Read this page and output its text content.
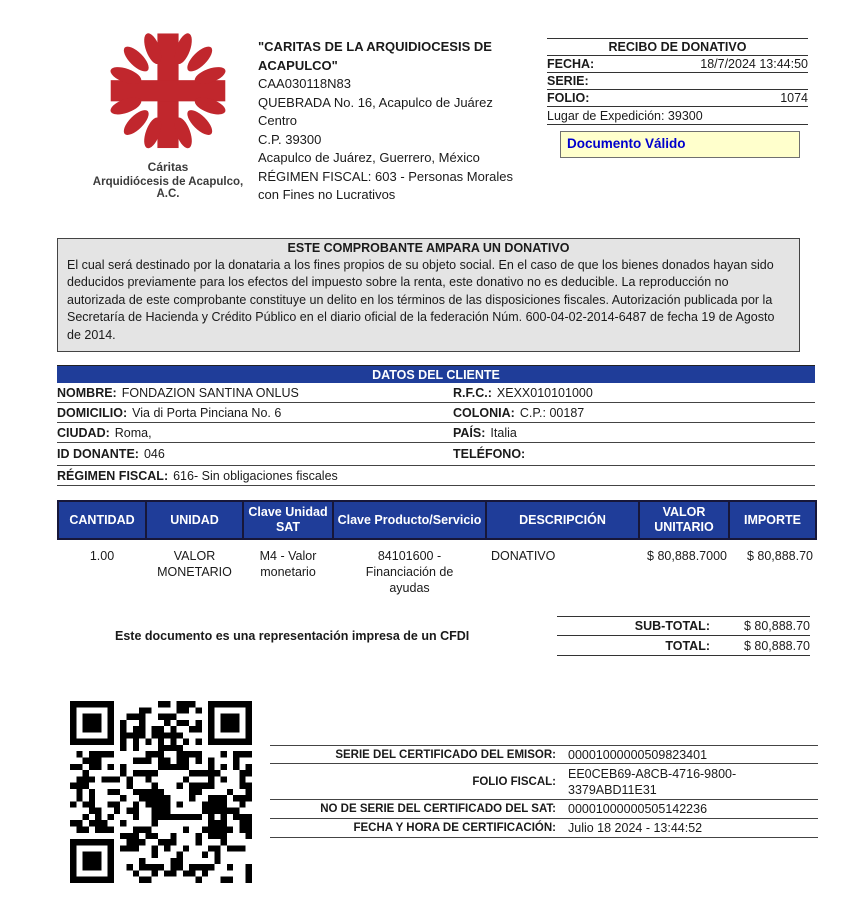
Cáritas
Arquidiócesis de Acapulco, A.C.
"CARITAS DE LA ARQUIDIOCESIS DE
ACAPULCO"
CAA030118N83
QUEBRADA No. 16, Acapulco de Juárez
Centro
C.P. 39300
Acapulco de Juárez, Guerrero, México
RÉGIMEN FISCAL: 603 - Personas Morales
con Fines no Lucrativos
RECIBO DE DONATIVO
FECHA:	18/7/2024 13:44:50
SERIE:
FOLIO:	1074
Lugar de Expedición: 39300
Documento Válido
ESTE COMPROBANTE AMPARA UN DONATIVO
El cual será destinado por la donataria a los fines propios de su objeto social. En el caso de que los bienes donados hayan sido deducidos previamente para los efectos del impuesto sobre la renta, este donativo no es deducible. La reproducción no autorizada de este comprobante constituye un delito en los términos de las disposiciones fiscales. Autorización publicada por la Secretaría de Hacienda y Crédito Público en el diario oficial de la federación Núm. 600-04-02-2014-6487 de fecha 19 de Agosto de 2014.
DATOS DEL CLIENTE
NOMBRE: FONDAZION SANTINA ONLUS	R.F.C.: XEXX010101000
DOMICILIO: Via di Porta Pinciana No. 6	COLONIA: C.P.: 00187
CIUDAD: Roma,	PAÍS: Italia
ID DONANTE: 046	TELÉFONO:
RÉGIMEN FISCAL: 616- Sin obligaciones fiscales
CANTIDAD	UNIDAD	Clave Unidad SAT	Clave Producto/Servicio	DESCRIPCIÓN	VALOR UNITARIO	IMPORTE
1.00	VALOR MONETARIO	M4 - Valor monetario	84101600 - Financiación de ayudas	DONATIVO	$ 80,888.7000	$ 80,888.70
Este documento es una representación impresa de un CFDI
SUB-TOTAL:	$ 80,888.70
TOTAL:	$ 80,888.70
SERIE DEL CERTIFICADO DEL EMISOR: 00001000000509823401
FOLIO FISCAL:
EE0CEB69-A8CB-4716-9800-3379ABD11E31
NO DE SERIE DEL CERTIFICADO DEL SAT: 00001000000505142236
FECHA Y HORA DE CERTIFICACIÓN: Julio 18 2024 - 13:44:52
